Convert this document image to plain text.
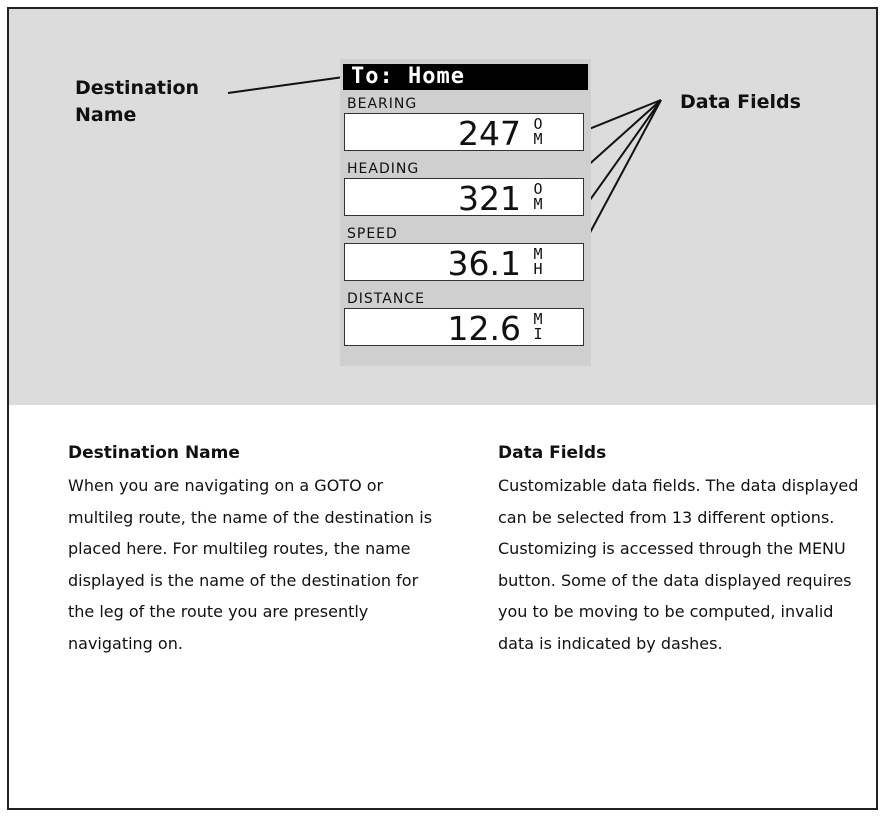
Destination Name
Data Fields
To: Home
BEARING
247 O
M
HEADING
321 O
M
SPEED
36.1 M
H
DISTANCE
12.6 M
I
Destination Name

When you are navigating on a GOTO or multileg route, the name of the destination is placed here. For multileg routes, the name displayed is the name of the destination for the leg of the route you are presently navigating on.

Data Fields

Customizable data fields. The data displayed can be selected from 13 different options. Customizing is accessed through the MENU button. Some of the data displayed requires you to be moving to be computed, invalid data is indicated by dashes.
